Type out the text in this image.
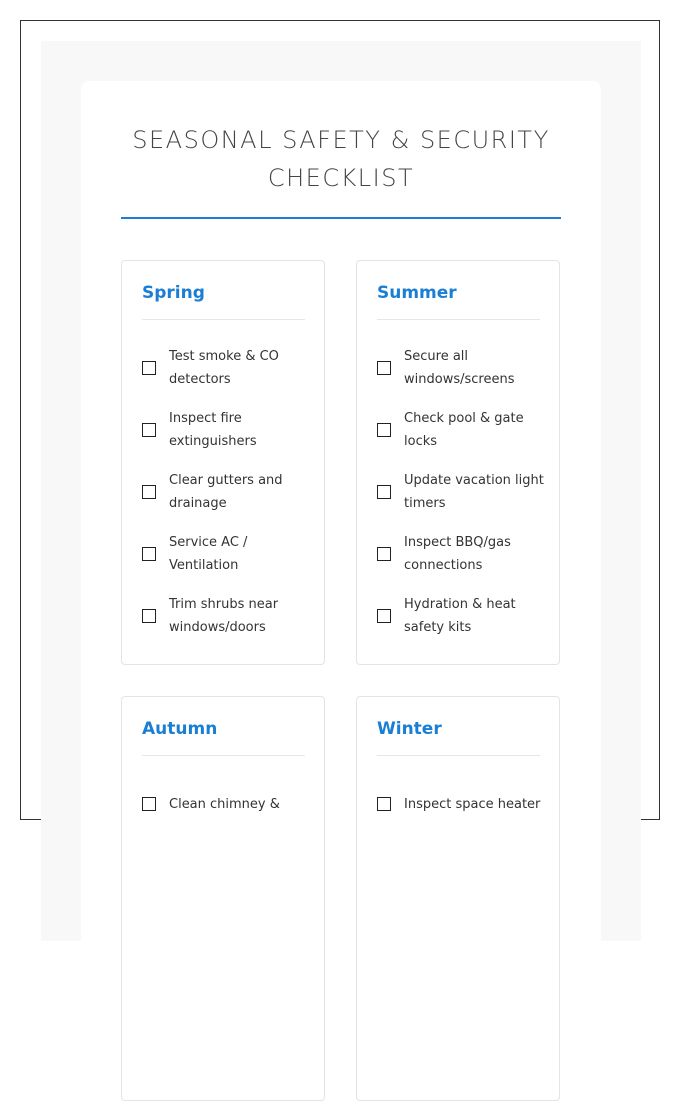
SEASONAL SAFETY & SECURITY
CHECKLIST
Spring
Test smoke & CO detectors
Inspect fire extinguishers
Clear gutters and drainage
Service AC / Ventilation
Trim shrubs near windows/doors
Summer
Secure all windows/screens
Check pool & gate locks
Update vacation light timers
Inspect BBQ/gas connections
Hydration & heat safety kits
Autumn
Clean chimney &
Winter
Inspect space heater
